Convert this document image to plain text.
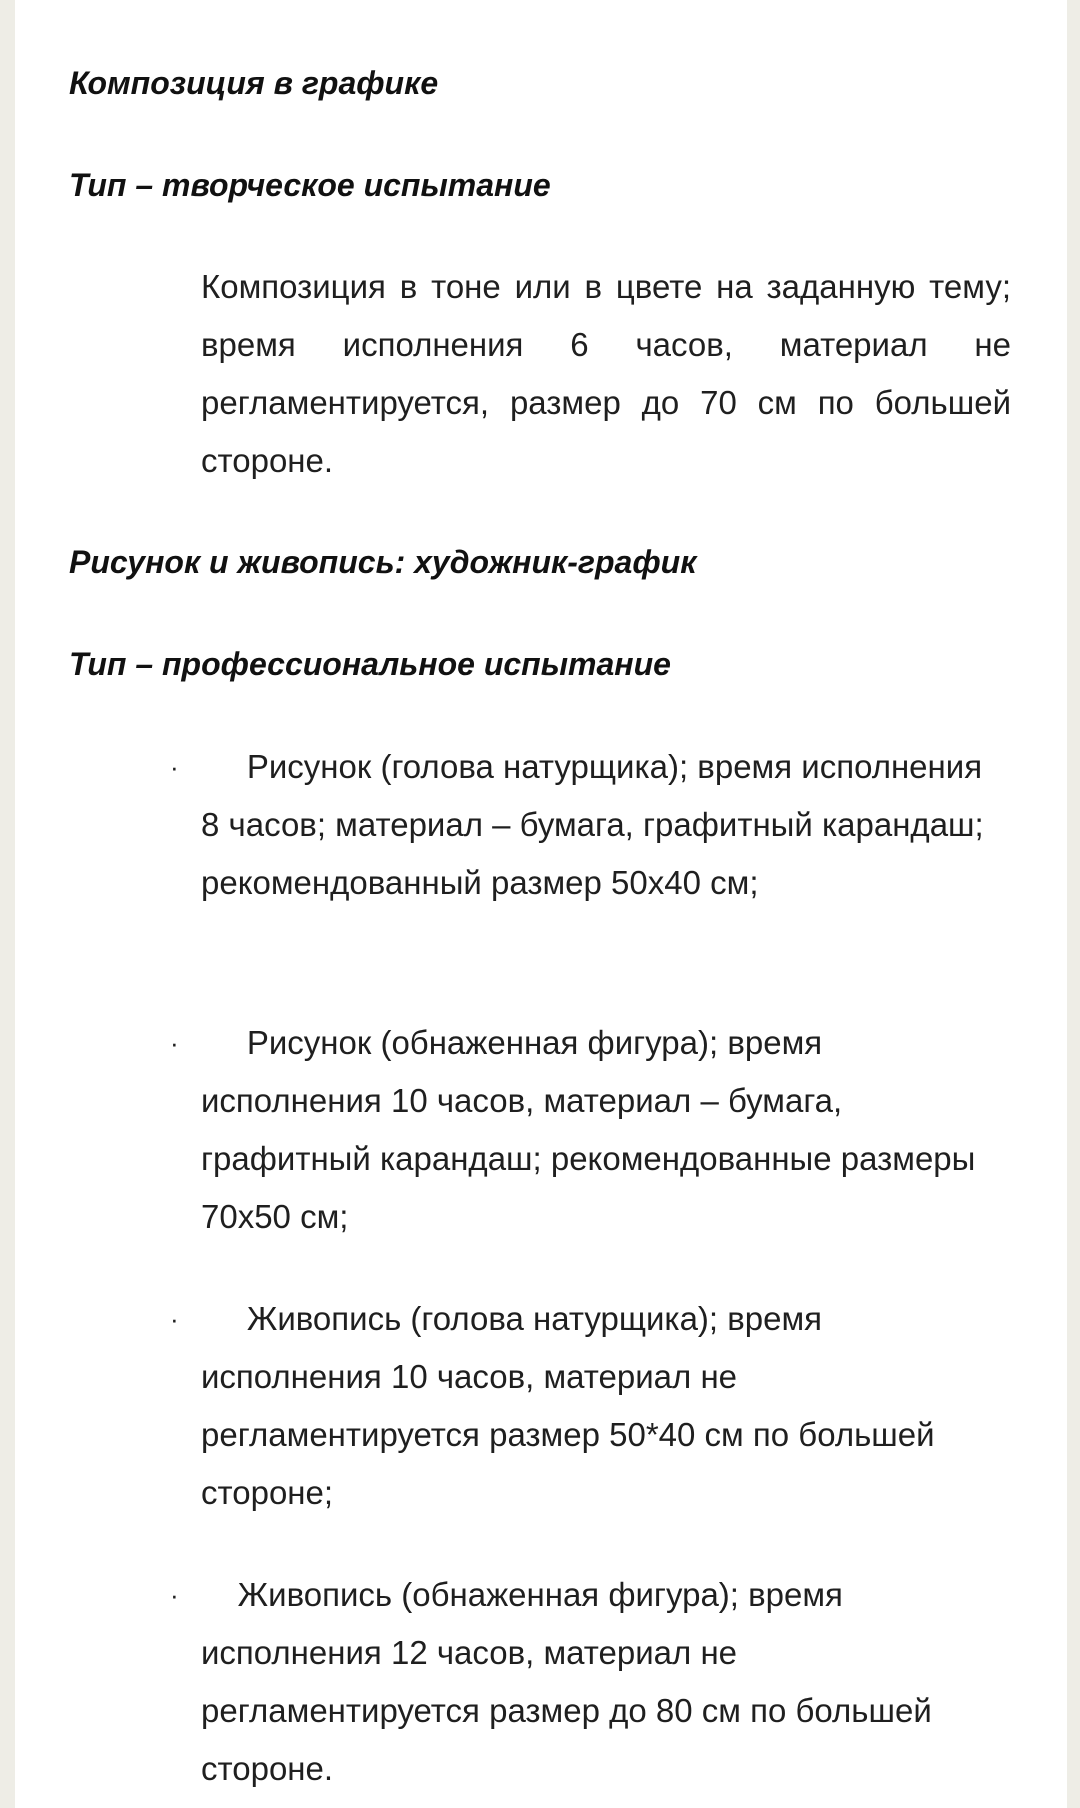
Композиция в графике
Тип – творческое испытание

Композиция в тоне или в цвете на заданную тему; время исполнения 6 часов, материал не регламентируется, размер до 70 см по большей стороне.

Рисунок и живопись: художник-график
Тип – профессиональное испытание
· Рисунок (голова натурщика); время исполнения 8 часов; материал – бумага, графитный карандаш; рекомендованный размер 50х40 см;
· Рисунок (обнаженная фигура); время исполнения 10 часов, материал – бумага, графитный карандаш; рекомендованные размеры 70х50 см;
· Живопись (голова натурщика); время исполнения 10 часов, материал не регламентируется размер 50*40 см по большей стороне;
· Живопись (обнаженная фигура); время исполнения 12 часов, материал не регламентируется размер до 80 см по большей стороне.
